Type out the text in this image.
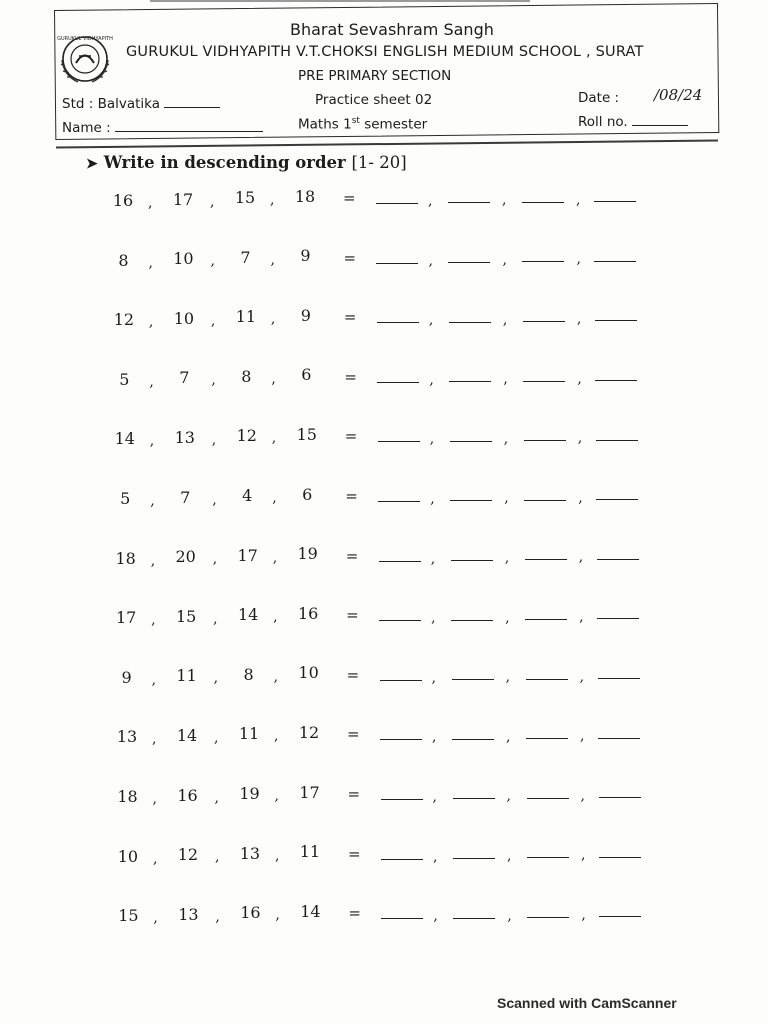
GURUKUL VIDHYAPITH	Bharat Sevashram Sangh
GURUKUL VIDHYAPITH V.T.CHOKSI ENGLISH MEDIUM SCHOOL , SURAT
PRE PRIMARY SECTION
Practice sheet 02
Maths 1st semester
Std : Balvatika
Name :
Date : /08/24
Roll no.
➤ Write in descending order [1- 20]
16	17	15	18
,	,	,	=	,	,	,
8	10	7	9
,	,	,	=	,	,	,
12	10	11	9
,	,	,	=	,	,	,
5	7	8	6
,	,	,	=	,	,	,
14	13	12	15
,	,	,	=	,	,	,
5	7	4	6
,	,	,	=	,	,	,
18	20	17	19
,	,	,	=	,	,	,
17	15	14	16
,	,	,	=	,	,	,
9	11	8	10
,	,	,	=	,	,	,
13	14	11	12
,	,	,	=	,	,	,
18	16	19	17
,	,	,	=	,	,	,
10	12	13	11
,	,	,	=	,	,	,
15	13	16	14
,	,	,	=	,	,	,
Scanned with CamScanner
